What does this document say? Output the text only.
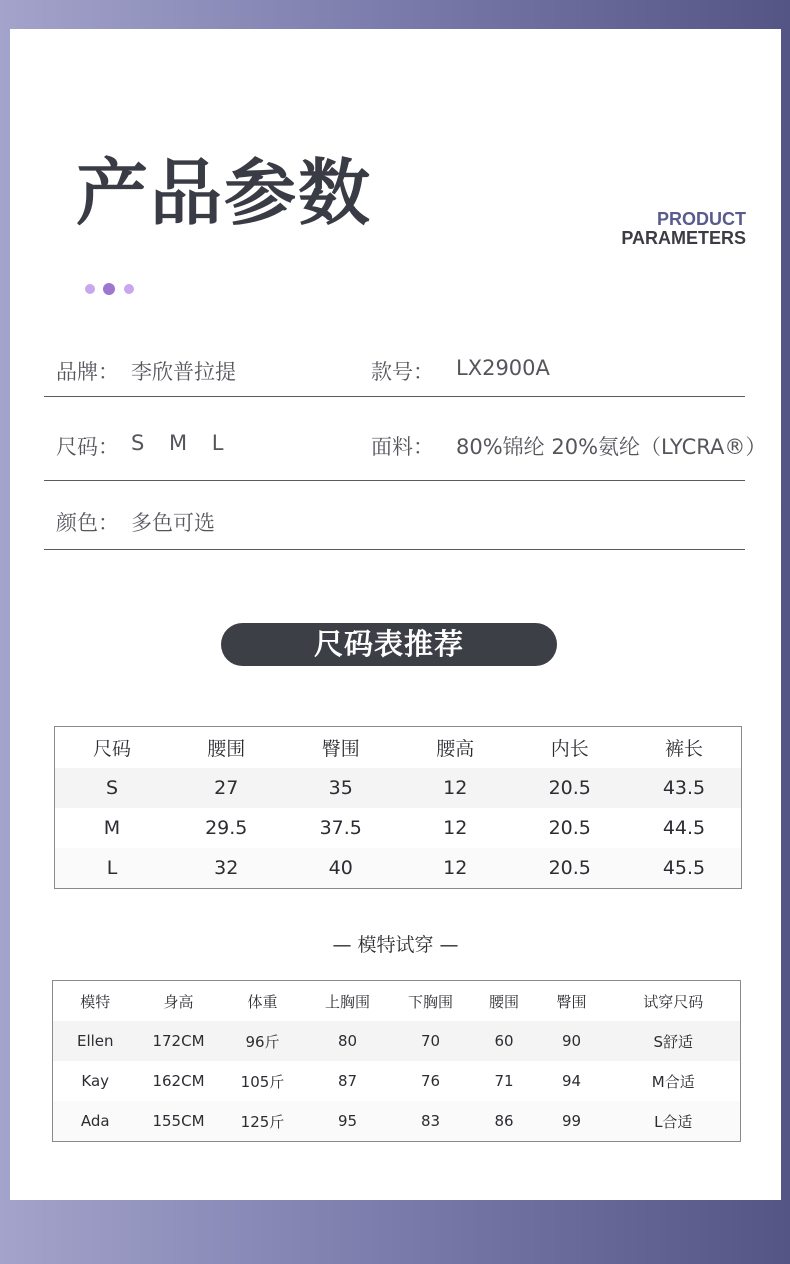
产品参数	PRODUCT
PARAMETERS
品牌： 李欣普拉提	款号： LX2900A
尺码： S M L	面料： 80%锦纶 20%氨纶（LYCRA®）
颜色： 多色可选
尺码表推荐
尺码	腰围	臀围	腰高	内长	裤长
S	27	35	12	20.5	43.5
M	29.5	37.5	12	20.5	44.5
L	32	40	12	20.5	45.5
— 模特试穿 —
模特	身高	体重	上胸围	下胸围	腰围	臀围	试穿尺码
Ellen	172CM	96斤	80	70	60	90	S舒适
Kay	162CM	105斤	87	76	71	94	M合适
Ada	155CM	125斤	95	83	86	99	L合适
